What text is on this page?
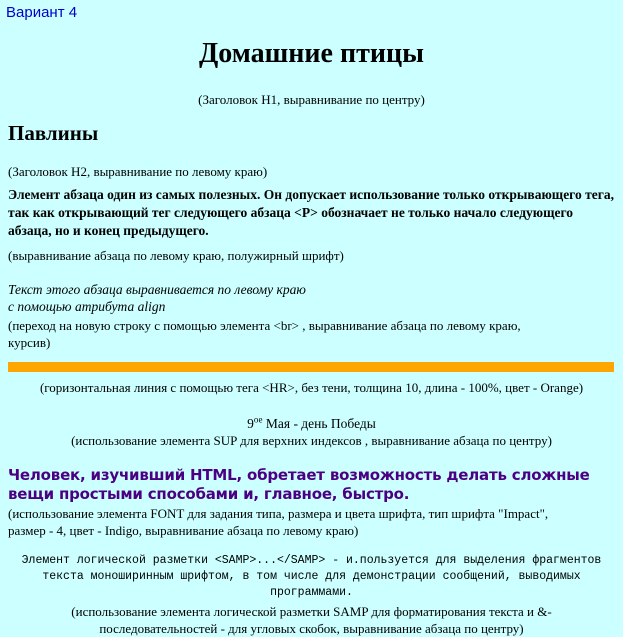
Вариант 4
Домашние птицы
(Заголовок H1, выравнивание по центру)
Павлины
(Заголовок H2, выравнивание по левому краю)
Элемент абзаца один из самых полезных. Он допускает использование только открывающего тега, так как открывающий тег следующего абзаца <P> обозначает не только начало следующего абзаца, но и конец предыдущего.
(выравнивание абзаца по левому краю, полужирный шрифт)
Текст этого абзаца выравнивается по левому краю
с помощью атрибута align
(переход на новую строку с помощью элемента <br> , выравнивание абзаца по левому краю,
курсив)
(горизонтальная линия с помощью тега <HR>, без тени, толщина 10, длина - 100%, цвет - Orange)
$9^{ое}$ Мая - день Победы
(использование элемента SUP для верхних индексов , выравнивание абзаца по центру)
Человек, изучивший HTML, обретает возможность делать сложные вещи простыми способами и, главное, быстро.
(использование элемента FONT для задания типа, размера и цвета шрифта, тип шрифта "Impact",
размер - 4, цвет - Indigo, выравнивание абзаца по левому краю)
Элемент логической разметки <SAMP>...</SAMP> - и.пользуется для выделения фрагментов
текста моноширинным шрифтом, в том числе для демонстрации сообщений, выводимых
программами.
(использование элемента логической разметки SAMP для форматирования текста и &-
последовательностей - для угловых скобок, выравнивание абзаца по центру)
